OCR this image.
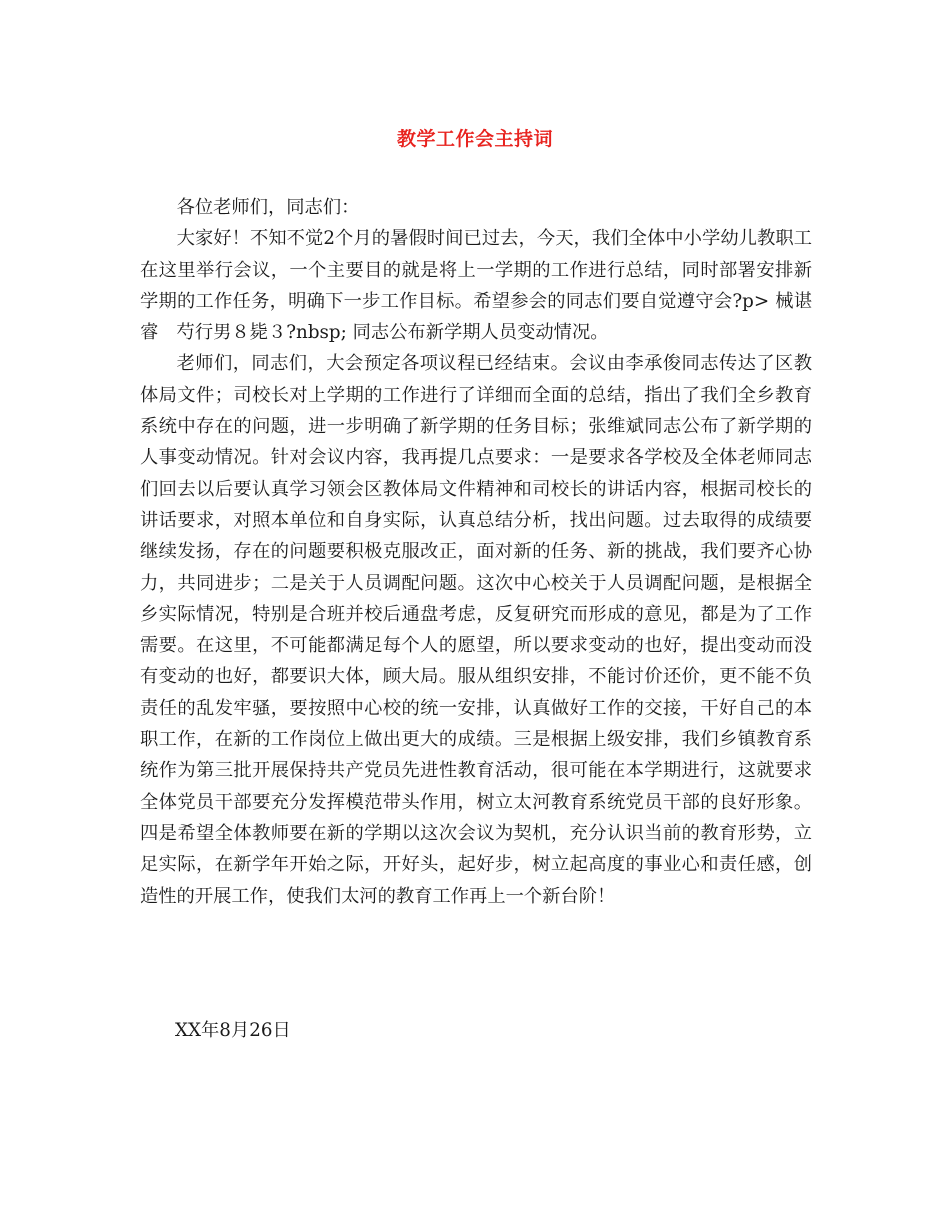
教学工作会主持词

各位老师们，同志们：

大家好！不知不觉2个月的暑假时间已过去，今天，我们全体中小学幼儿教职工在这里举行会议，一个主要目的就是将上一学期的工作进行总结，同时部署安排新学期的工作任务，明确下一步工作目标。希望参会的同志们要自觉遵守会?p> 械谌　睿　芍行男８毙３?nbsp; 同志公布新学期人员变动情况。

老师们，同志们，大会预定各项议程已经结束。会议由李承俊同志传达了区教体局文件；司校长对上学期的工作进行了详细而全面的总结，指出了我们全乡教育系统中存在的问题，进一步明确了新学期的任务目标；张维斌同志公布了新学期的人事变动情况。针对会议内容，我再提几点要求：一是要求各学校及全体老师同志们回去以后要认真学习领会区教体局文件精神和司校长的讲话内容，根据司校长的讲话要求，对照本单位和自身实际，认真总结分析，找出问题。过去取得的成绩要继续发扬，存在的问题要积极克服改正，面对新的任务、新的挑战，我们要齐心协力，共同进步；二是关于人员调配问题。这次中心校关于人员调配问题，是根据全乡实际情况，特别是合班并校后通盘考虑，反复研究而形成的意见，都是为了工作需要。在这里，不可能都满足每个人的愿望，所以要求变动的也好，提出变动而没有变动的也好，都要识大体，顾大局。服从组织安排，不能讨价还价，更不能不负责任的乱发牢骚，要按照中心校的统一安排，认真做好工作的交接，干好自己的本职工作，在新的工作岗位上做出更大的成绩。三是根据上级安排，我们乡镇教育系统作为第三批开展保持共产党员先进性教育活动，很可能在本学期进行，这就要求全体党员干部要充分发挥模范带头作用，树立太河教育系统党员干部的良好形象。四是希望全体教师要在新的学期以这次会议为契机，充分认识当前的教育形势，立足实际，在新学年开始之际，开好头，起好步，树立起高度的事业心和责任感，创造性的开展工作，使我们太河的教育工作再上一个新台阶！

XX年8月26日
